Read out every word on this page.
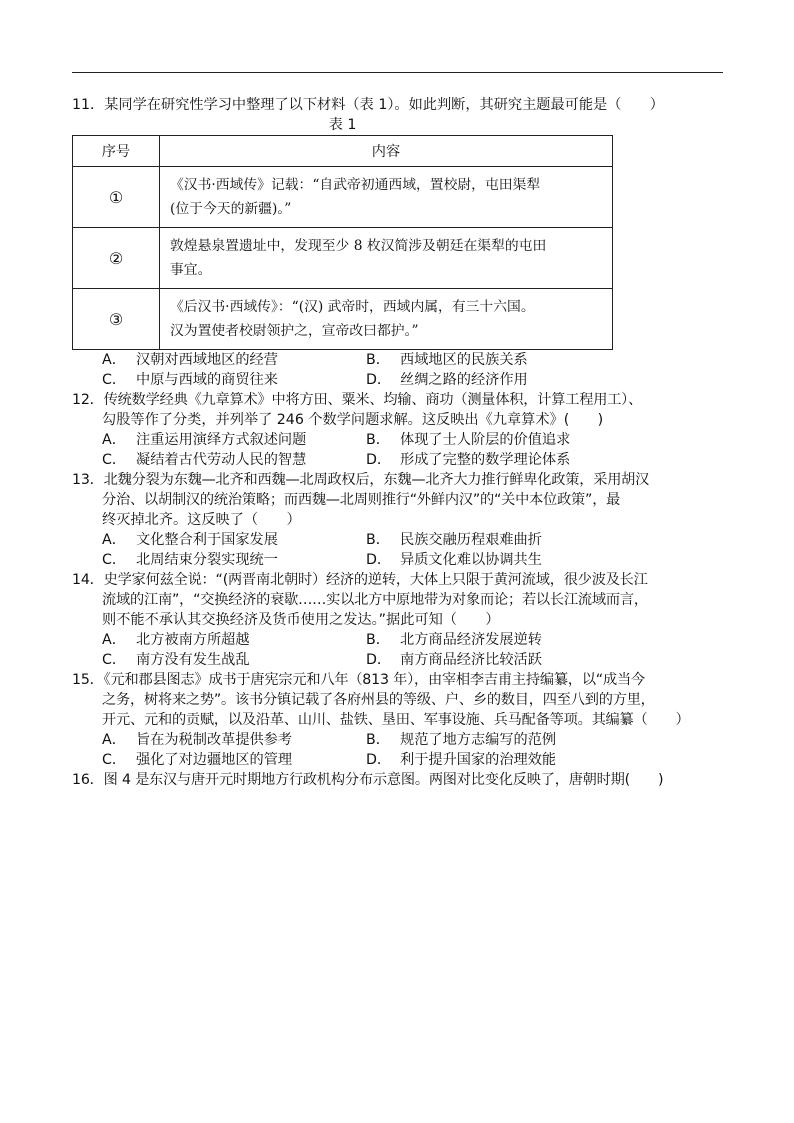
11．某同学在研究性学习中整理了以下材料（表 1）。如此判断，其研究主题最可能是（　　）
表 1
序号	内容
①	《汉书·西域传》记载：“自武帝初通西域，置校尉，屯田渠犁
(位于今天的新疆)。”

②	敦煌悬泉置遗址中，发现至少 8 枚汉简涉及朝廷在渠犁的屯田
事宜。

③	《后汉书·西域传》：“(汉) 武帝时，西域内属，有三十六国。
汉为置使者校尉领护之，宣帝改曰都护。”
A． 汉朝对西域地区的经营	B． 西域地区的民族关系
C． 中原与西域的商贸往来	D． 丝绸之路的经济作用
12．传统数学经典《九章算术》中将方田、粟米、均输、商功（测量体积，计算工程用工）、
勾股等作了分类，并列举了 246 个数学问题求解。这反映出《九章算术》(　　)
A． 注重运用演绎方式叙述问题	B． 体现了士人阶层的价值追求
C． 凝结着古代劳动人民的智慧	D． 形成了完整的数学理论体系
13．北魏分裂为东魏—北齐和西魏—北周政权后，东魏—北齐大力推行鲜卑化政策，采用胡汉
分治、以胡制汉的统治策略；而西魏—北周则推行“外鲜内汉”的“关中本位政策”，最
终灭掉北齐。这反映了（　　）
A． 文化整合利于国家发展	B． 民族交融历程艰难曲折
C． 北周结束分裂实现统一	D． 异质文化难以协调共生
14．史学家何兹全说：“(两晋南北朝时）经济的逆转，大体上只限于黄河流域，很少波及长江
流域的江南”，“交换经济的衰歇……实以北方中原地带为对象而论；若以长江流域而言，
则不能不承认其交换经济及货币使用之发达。”据此可知（　　）
A． 北方被南方所超越	B． 北方商品经济发展逆转
C． 南方没有发生战乱	D． 南方商品经济比较活跃
15．《元和郡县图志》成书于唐宪宗元和八年（813 年），由宰相李吉甫主持编纂，以“成当今
之务，树将来之势”。该书分镇记载了各府州县的等级、户、乡的数目，四至八到的方里，
开元、元和的贡赋，以及沿革、山川、盐铁、垦田、军事设施、兵马配备等项。其编纂（　　）
A． 旨在为税制改革提供参考	B． 规范了地方志编写的范例
C． 强化了对边疆地区的管理	D． 利于提升国家的治理效能
16．图 4 是东汉与唐开元时期地方行政机构分布示意图。两图对比变化反映了，唐朝时期(　　)
